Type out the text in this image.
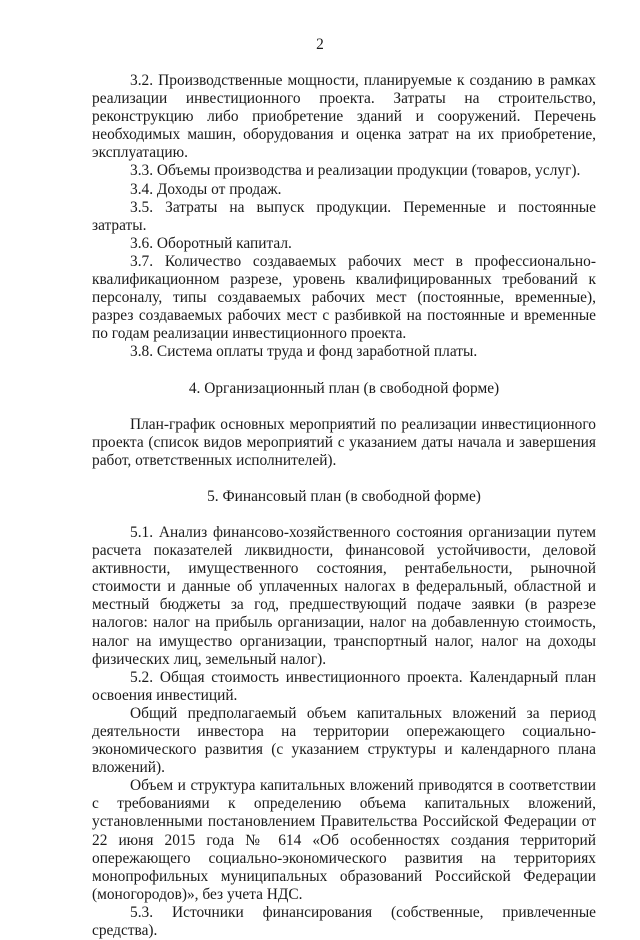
2

3.2. Производственные мощности, планируемые к созданию в рамках реализации инвестиционного проекта. Затраты на строительство, реконструкцию либо приобретение зданий и сооружений. Перечень необходимых машин, оборудования и оценка затрат на их приобретение, эксплуатацию.

3.3. Объемы производства и реализации продукции (товаров, услуг).

3.4. Доходы от продаж.

3.5. Затраты на выпуск продукции. Переменные и постоянные затраты.

3.6. Оборотный капитал.

3.7. Количество создаваемых рабочих мест в профессионально-квалификационном разрезе, уровень квалифицированных требований к персоналу, типы создаваемых рабочих мест (постоянные, временные), разрез создаваемых рабочих мест с разбивкой на постоянные и временные по годам реализации инвестиционного проекта.

3.8. Система оплаты труда и фонд заработной платы.

4. Организационный план (в свободной форме)

План-график основных мероприятий по реализации инвестиционного проекта (список видов мероприятий с указанием даты начала и завершения работ, ответственных исполнителей).

5. Финансовый план (в свободной форме)

5.1. Анализ финансово-хозяйственного состояния организации путем расчета показателей ликвидности, финансовой устойчивости, деловой активности, имущественного состояния, рентабельности, рыночной стоимости и данные об уплаченных налогах в федеральный, областной и местный бюджеты за год, предшествующий подаче заявки (в разрезе налогов: налог на прибыль организации, налог на добавленную стоимость, налог на имущество организации, транспортный налог, налог на доходы физических лиц, земельный налог).

5.2. Общая стоимость инвестиционного проекта. Календарный план освоения инвестиций.

Общий предполагаемый объем капитальных вложений за период деятельности инвестора на территории опережающего социально-экономического развития (с указанием структуры и календарного плана вложений).

Объем и структура капитальных вложений приводятся в соответствии с требованиями к определению объема капитальных вложений, установленными постановлением Правительства Российской Федерации от 22 июня 2015 года № 614 «Об особенностях создания территорий опережающего социально-экономического развития на территориях монопрофильных муниципальных образований Российской Федерации (моногородов)», без учета НДС.

5.3. Источники финансирования (собственные, привлеченные средства).
